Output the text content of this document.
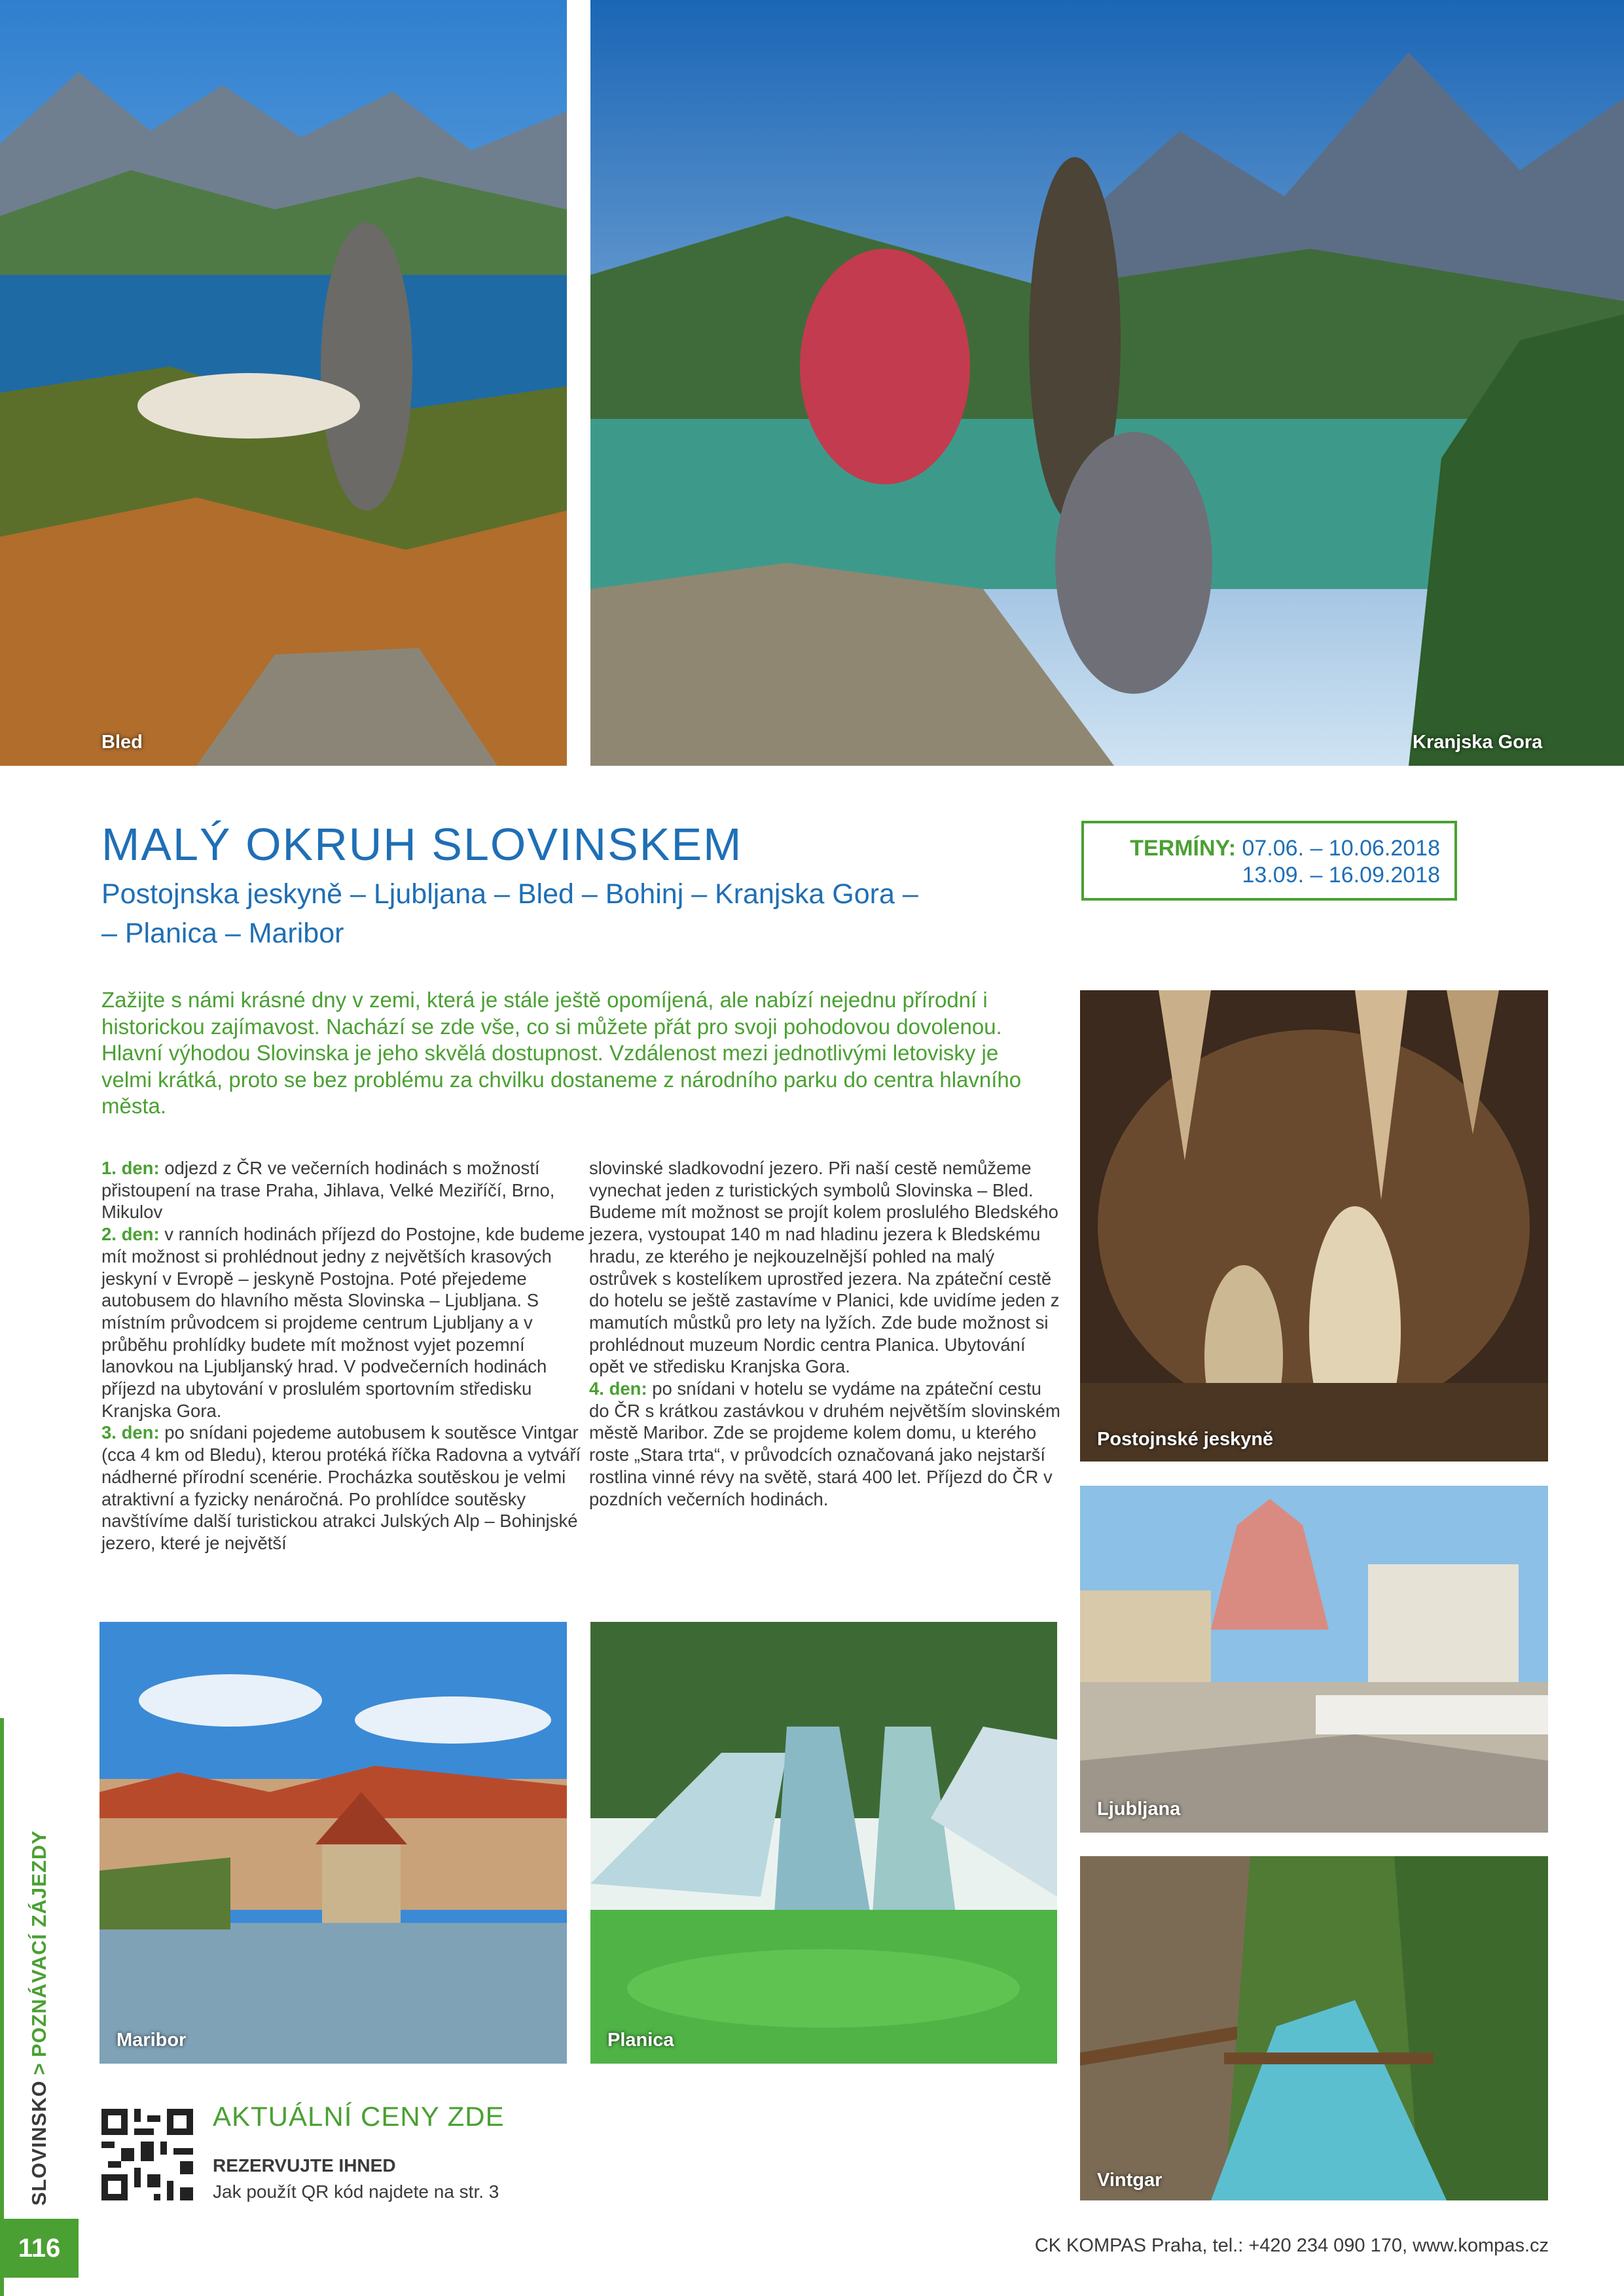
Bled	Kranjska Gora
MALÝ OKRUH SLOVINSKEM
Postojnska jeskyně – Ljubljana – Bled – Bohinj – Kranjska Gora –
– Planica – Maribor
TERMÍNY: 07.06. – 10.06.2018
13.09. – 16.09.2018
Zažijte s námi krásné dny v zemi, která je stále ještě opomíjená, ale nabízí nejednu přírodní i historickou zajímavost. Nachází se zde vše, co si můžete přát pro svoji pohodovou dovolenou. Hlavní výhodou Slovinska je jeho skvělá dostupnost. Vzdálenost mezi jednotlivými letovisky je velmi krátká, proto se bez problému za chvilku dostaneme z národního parku do centra hlavního města.
1. den: odjezd z ČR ve večerních hodinách s možností přistoupení na trase Praha, Jihlava, Velké Meziříčí, Brno, Mikulov
2. den: v ranních hodinách příjezd do Postojne, kde budeme mít možnost si prohlédnout jedny z největších krasových jeskyní v Evropě – jeskyně Postojna. Poté přejedeme autobusem do hlavního města Slovinska – Ljubljana. S místním průvodcem si projdeme centrum Ljubljany a v průběhu prohlídky budete mít možnost vyjet pozemní lanovkou na Ljubljanský hrad. V podvečerních hodinách příjezd na ubytování v proslulém sportovním středisku Kranjska Gora.
3. den: po snídani pojedeme autobusem k soutěsce Vintgar (cca 4 km od Bledu), kterou protéká říčka Radovna a vytváří nádherné přírodní scenérie. Procházka soutěskou je velmi atraktivní a fyzicky nenáročná. Po prohlídce soutěsky navštívíme další turistickou atrakci Julských Alp – Bohinjské jezero, které je největší
slovinské sladkovodní jezero. Při naší cestě nemůžeme vynechat jeden z turistických symbolů Slovinska – Bled. Budeme mít možnost se projít kolem proslulého Bledského jezera, vystoupat 140 m nad hladinu jezera k Bledskému hradu, ze kterého je nejkouzelnější pohled na malý ostrůvek s kostelíkem uprostřed jezera. Na zpáteční cestě do hotelu se ještě zastavíme v Planici, kde uvidíme jeden z mamutích můstků pro lety na lyžích. Zde bude možnost si prohlédnout muzeum Nordic centra Planica. Ubytování opět ve středisku Kranjska Gora.
4. den: po snídani v hotelu se vydáme na zpáteční cestu do ČR s krátkou zastávkou v druhém největším slovinském městě Maribor. Zde se projdeme kolem domu, u kterého roste „Stara trta“, v průvodcích označovaná jako nejstarší rostlina vinné révy na světě, stará 400 let. Příjezd do ČR v pozdních večerních hodinách.
Postojnské jeskyně
Ljubljana
Vintgar
Maribor	Planica
SLOVINSKO>POZNÁVACÍ ZÁJEZDY
116
AKTUÁLNÍ CENY ZDE
REZERVUJTE IHNED
Jak použít QR kód najdete na str. 3
CK KOMPAS Praha, tel.: +420 234 090 170, www.kompas.cz
